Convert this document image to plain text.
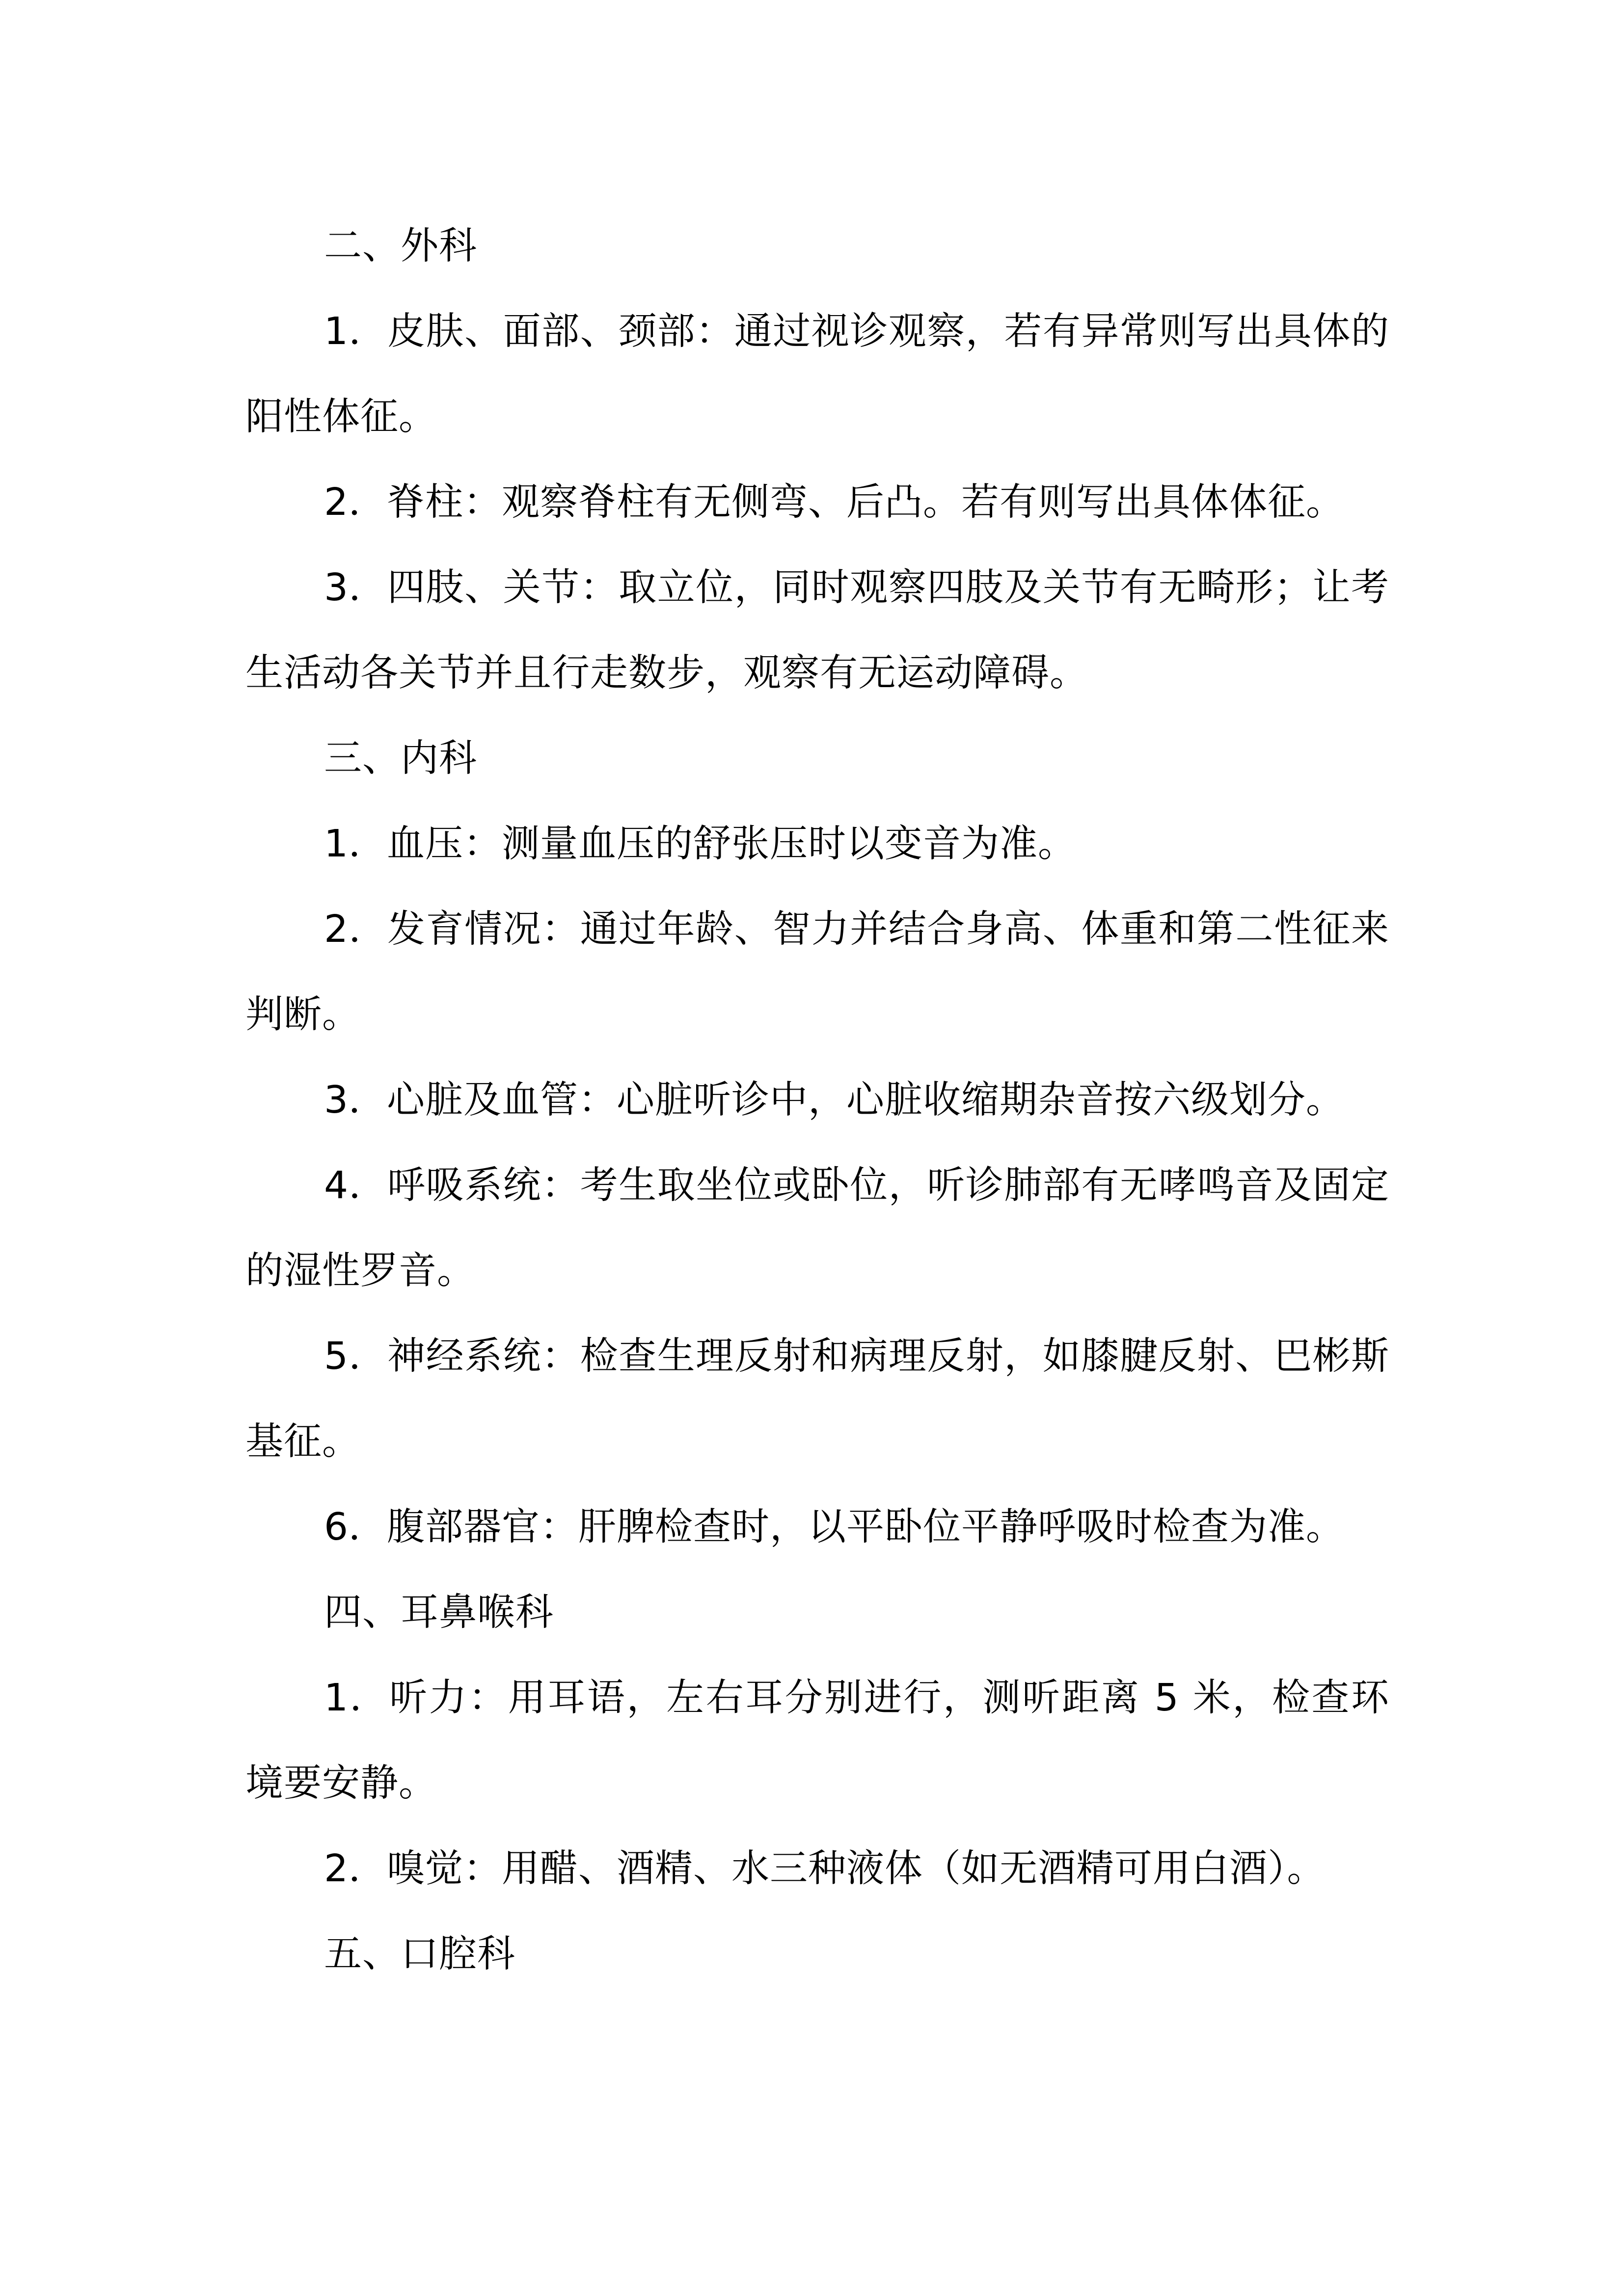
二、外科

1．皮肤、面部、颈部：通过视诊观察，若有异常则写出具体的阳性体征。

2．脊柱：观察脊柱有无侧弯、后凸。若有则写出具体体征。

3．四肢、关节：取立位，同时观察四肢及关节有无畸形；让考生活动各关节并且行走数步，观察有无运动障碍。

三、内科

1．血压：测量血压的舒张压时以变音为准。

2．发育情况：通过年龄、智力并结合身高、体重和第二性征来判断。

3．心脏及血管：心脏听诊中，心脏收缩期杂音按六级划分。

4．呼吸系统：考生取坐位或卧位，听诊肺部有无哮鸣音及固定的湿性罗音。

5．神经系统：检查生理反射和病理反射，如膝腱反射、巴彬斯基征。

6．腹部器官：肝脾检查时，以平卧位平静呼吸时检查为准。

四、耳鼻喉科

1．听力：用耳语，左右耳分别进行，测听距离 5 米，检查环境要安静。

2．嗅觉：用醋、酒精、水三种液体（如无酒精可用白酒）。

五、口腔科
